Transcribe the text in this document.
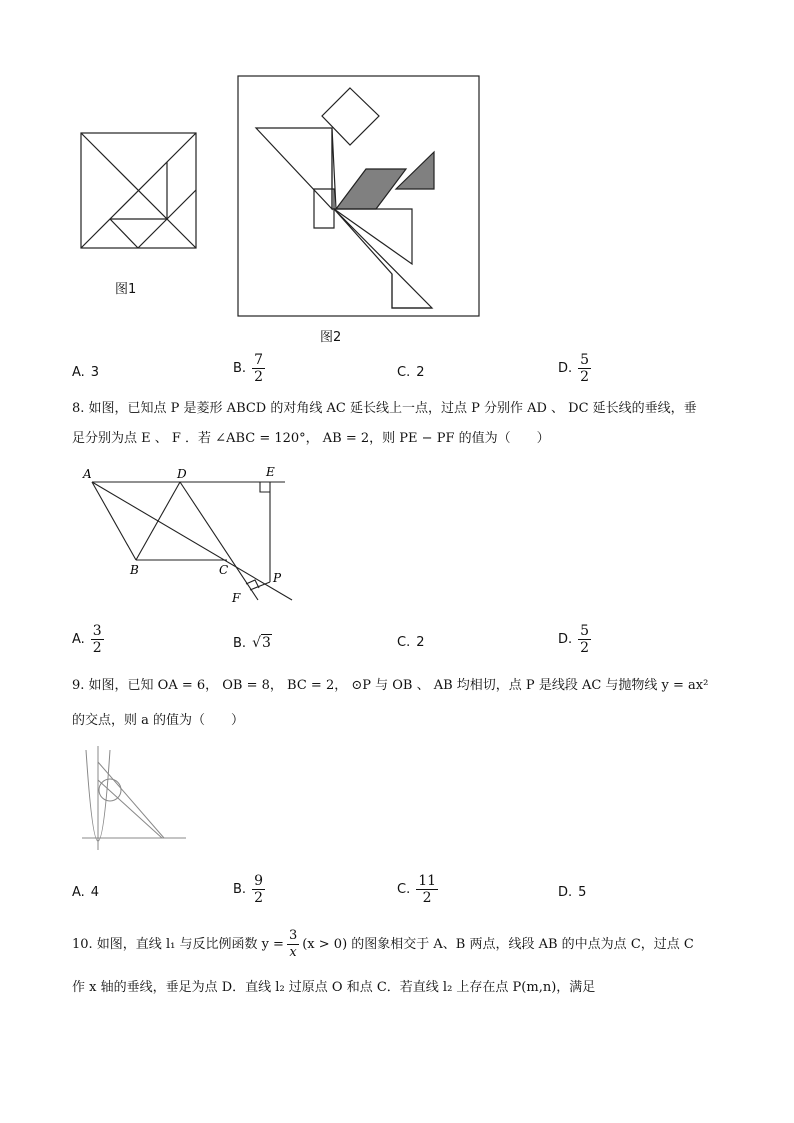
图1
图2
A. 3	B. $\frac{7}{2}$	C. 2	D. $\frac{5}{2}$
8. 如图，已知点 P 是菱形 ABCD 的对角线 AC 延长线上一点，过点 P 分别作 AD 、 DC 延长线的垂线，垂
足分别为点 E 、 F ．若 ∠ABC = 120°， AB = 2，则 PE − PF 的值为（　　）
A	D	E
B	C
P
F
A. $\frac{3}{2}$	B. √3	C. 2	D. $\frac{5}{2}$
9. 如图，已知 OA = 6， OB = 8， BC = 2， ⊙P 与 OB 、 AB 均相切，点 P 是线段 AC 与抛物线 y = ax²
的交点，则 a 的值为（　　）
A. 4	B. $\frac{9}{2}$	C. $\frac{11}{2}$	D. 5
10. 如图，直线 l₁ 与反比例函数 $y = \frac{3}{x} (x > 0)$ 的图象相交于 A、B 两点，线段 AB 的中点为点 C，过点 C
作 x 轴的垂线，垂足为点 D．直线 l₂ 过原点 O 和点 C．若直线 l₂ 上存在点 P(m,n)，满足
